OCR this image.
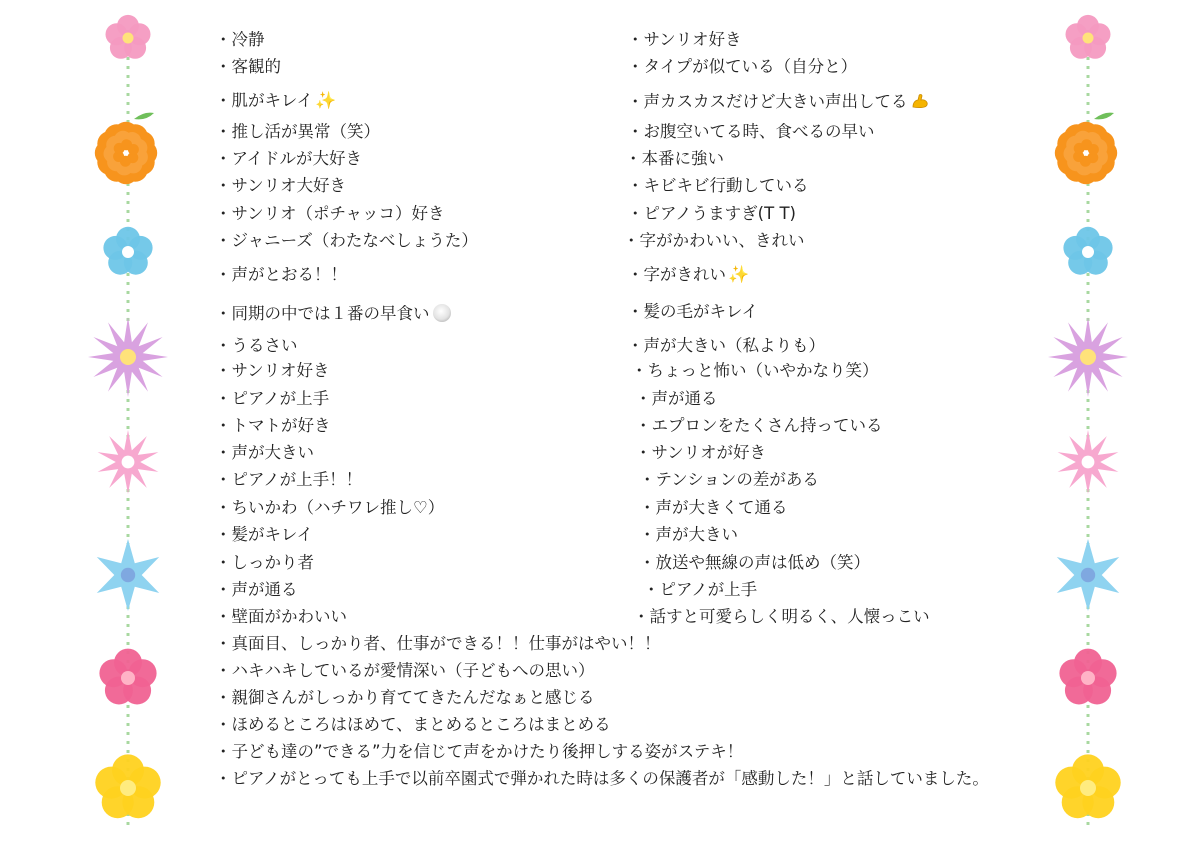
・冷静
・客観的
・肌がキレイ ✨
・推し活が異常（笑）
・アイドルが大好き
・サンリオ大好き
・サンリオ（ポチャッコ）好き
・ジャニーズ（わたなべしょうた）
・声がとおる！！
・同期の中では１番の早食い
・うるさい
・サンリオ好き
・ピアノが上手
・トマトが好き
・声が大きい
・ピアノが上手！！
・ちいかわ（ハチワレ推し♡）
・髪がキレイ
・しっかり者
・声が通る
・壁面がかわいい
・サンリオ好き
・タイプが似ている（自分と）
・声カスカスだけど大きい声出してる
・お腹空いてる時、食べるの早い
・本番に強い
・キビキビ行動している
・ピアノうますぎ(T T)
・字がかわいい、きれい
・字がきれい ✨
・髪の毛がキレイ
・声が大きい（私よりも）
・ちょっと怖い（いやかなり笑）
・声が通る
・エプロンをたくさん持っている
・サンリオが好き
・テンションの差がある
・声が大きくて通る
・声が大きい
・放送や無線の声は低め（笑）
・ピアノが上手
・話すと可愛らしく明るく、人懐っこい
・真面目、しっかり者、仕事ができる！！仕事がはやい！！
・ハキハキしているが愛情深い（子どもへの思い）
・親御さんがしっかり育ててきたんだなぁと感じる
・ほめるところはほめて、まとめるところはまとめる
・子ども達の”できる”力を信じて声をかけたり後押しする姿がステキ！
・ピアノがとっても上手で以前卒園式で弾かれた時は多くの保護者が「感動した！」と話していました。
